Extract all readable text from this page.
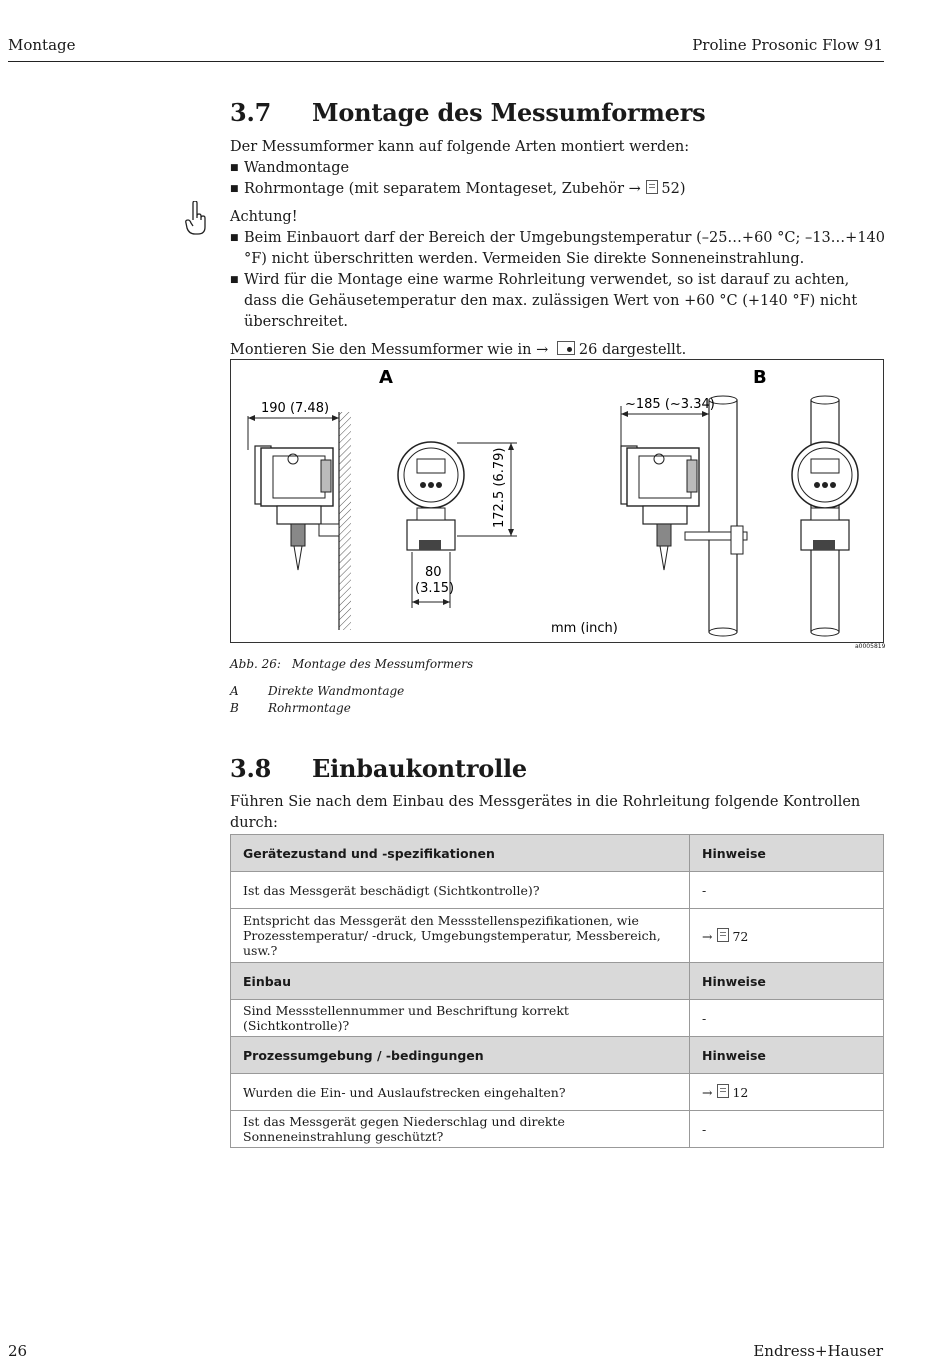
Montage	Proline Prosonic Flow 91
3.7 Montage des Messumformers
Der Messumformer kann auf folgende Arten montiert werden:
■ Wandmontage
■ Rohrmontage (mit separatem Montageset, Zubehör → 52)
Achtung!
■ Beim Einbauort darf der Bereich der Umgebungstemperatur (–25…+60 °C; –13…+140 °F) nicht überschritten werden. Vermeiden Sie direkte Sonneneinstrahlung.
■ Wird für die Montage eine warme Rohrleitung verwendet, so ist darauf zu achten, dass die Gehäusetemperatur den max. zulässigen Wert von +60 °C (+140 °F) nicht überschreitet.
Montieren Sie den Messumformer wie in → 26 dargestellt.
A	B
190 (7.48)
172.5 (6.79)
80
(3.15)
~185 (~3.34)
mm (inch)
a0005819
Abb. 26: Montage des Messumformers
A Direkte Wandmontage
B Rohrmontage
3.8 Einbaukontrolle
Führen Sie nach dem Einbau des Messgerätes in die Rohrleitung folgende Kontrollen durch:
Gerätezustand und -spezifikationen	Hinweise
Ist das Messgerät beschädigt (Sichtkontrolle)?	-
Entspricht das Messgerät den Messstellenspezifikationen, wie Prozesstemperatur/ -druck, Umgebungstemperatur, Messbereich, usw.?	→ 72
Einbau	Hinweise
Sind Messstellennummer und Beschriftung korrekt (Sichtkontrolle)?	-
Prozessumgebung / -bedingungen	Hinweise
Wurden die Ein- und Auslaufstrecken eingehalten?	→ 12
Ist das Messgerät gegen Niederschlag und direkte Sonneneinstrahlung geschützt?	-
26	Endress+Hauser
